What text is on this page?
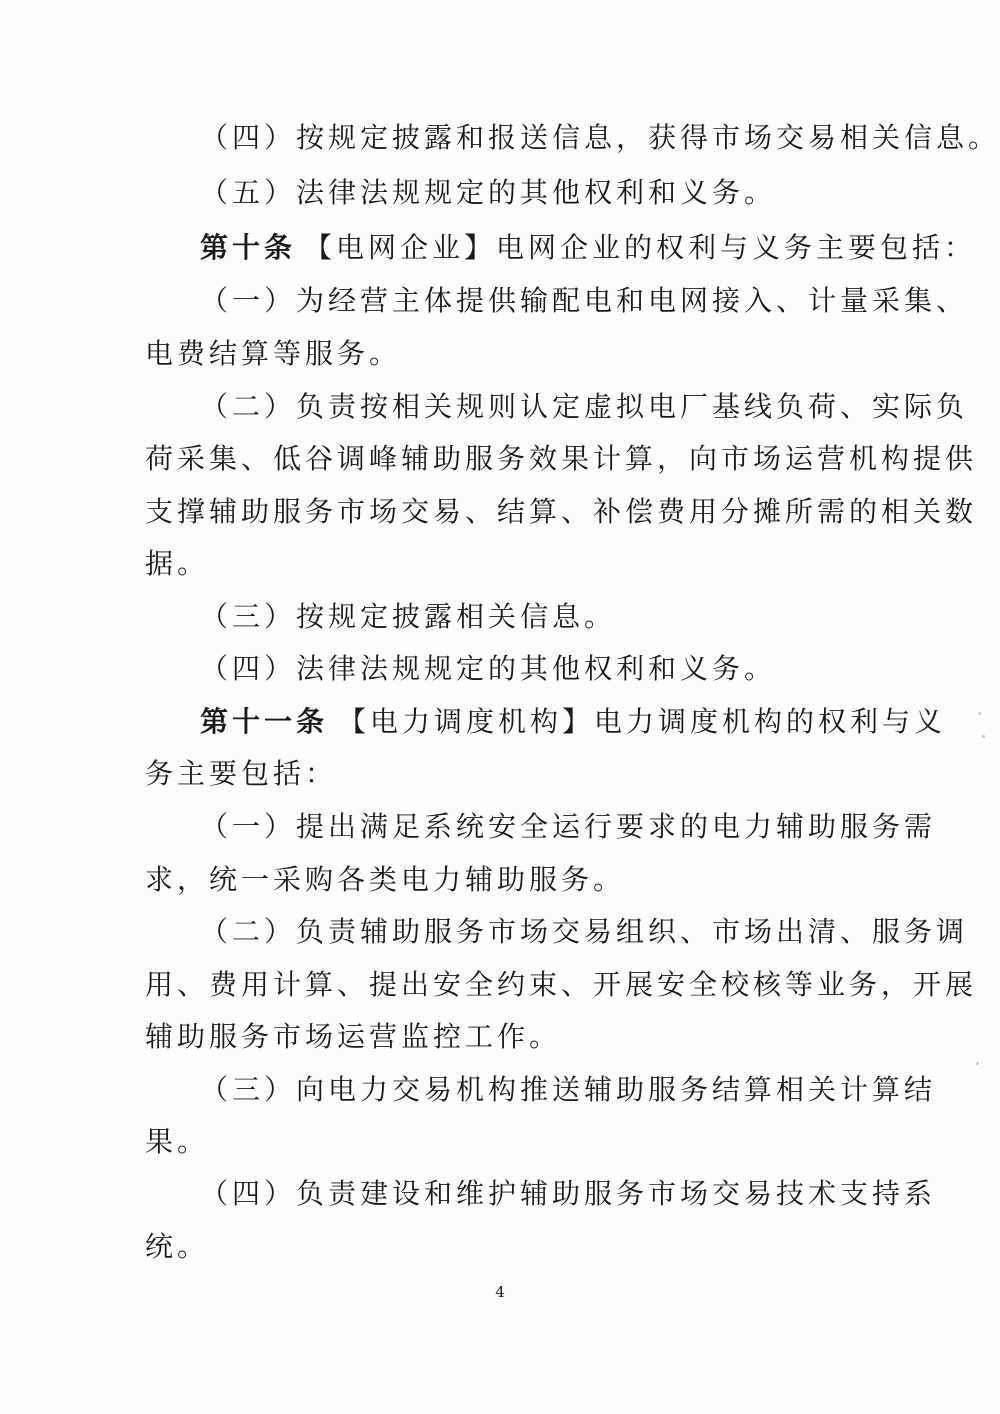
（四）按规定披露和报送信息，获得市场交易相关信息。
（五）法律法规规定的其他权利和义务。
第十条 【电网企业】电网企业的权利与义务主要包括：
（一）为经营主体提供输配电和电网接入、计量采集、
电费结算等服务。
（二）负责按相关规则认定虚拟电厂基线负荷、实际负
荷采集、低谷调峰辅助服务效果计算，向市场运营机构提供
支撑辅助服务市场交易、结算、补偿费用分摊所需的相关数
据。
（三）按规定披露相关信息。
（四）法律法规规定的其他权利和义务。
第十一条 【电力调度机构】电力调度机构的权利与义
务主要包括：
（一）提出满足系统安全运行要求的电力辅助服务需
求，统一采购各类电力辅助服务。
（二）负责辅助服务市场交易组织、市场出清、服务调
用、费用计算、提出安全约束、开展安全校核等业务，开展
辅助服务市场运营监控工作。
（三）向电力交易机构推送辅助服务结算相关计算结
果。
（四）负责建设和维护辅助服务市场交易技术支持系
统。
4
